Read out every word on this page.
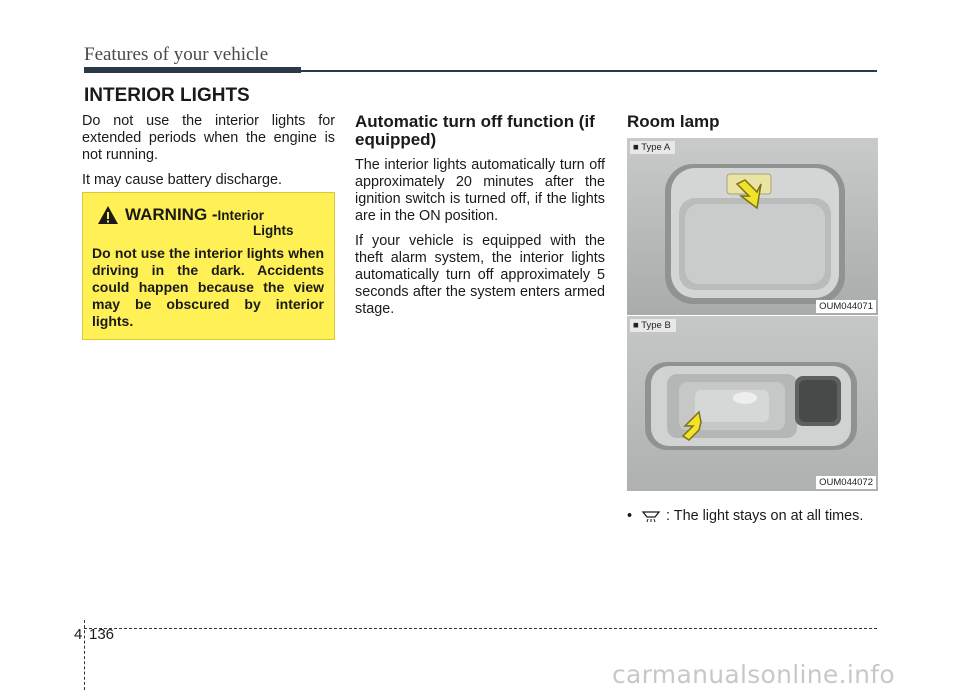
Features of your vehicle
INTERIOR LIGHTS

Do not use the interior lights for extended periods when the engine is not running.

It may cause battery discharge.

WARNING - Interior
Lights

Do not use the interior lights when driving in the dark. Accidents could happen because the view may be obscured by interior lights.

Automatic turn off function (if equipped)

The interior lights automatically turn off approximately 20 minutes after the ignition switch is turned off, if the lights are in the ON position.

If your vehicle is equipped with the theft alarm system, the interior lights automatically turn off approximately 5 seconds after the system enters armed stage.

Room lamp
■ Type A
OUM044071
■ Type B
OUM044072
• : The light stays on at all times.
4 136
carmanualsonline.info
